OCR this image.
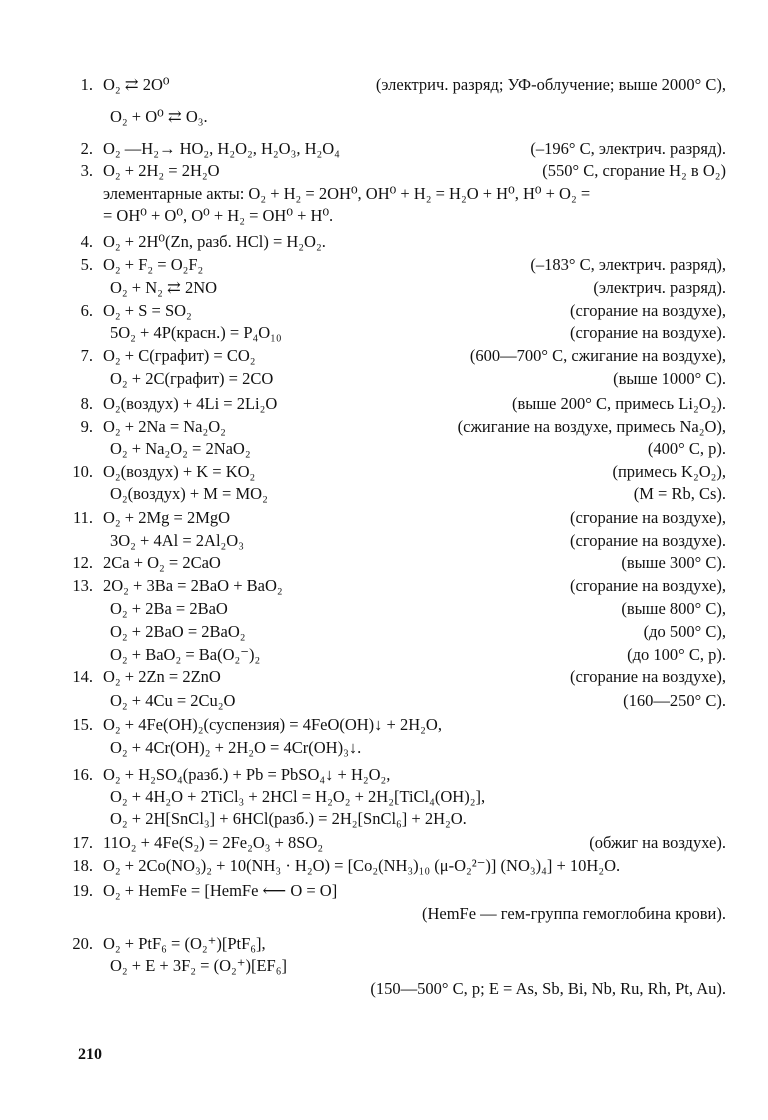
1. O₂ ⇄ 2O⁰	(электрич. разряд; УФ-облучение; выше 2000° С),
O₂ + O⁰ ⇄ O₃.
2. O₂ —H₂→ HO₂, H₂O₂, H₂O₃, H₂O₄	(–196° С, электрич. разряд).
3. O₂ + 2H₂ = 2H₂O	(550° С, сгорание H₂ в O₂)
элементарные акты: O₂ + H₂ = 2OH⁰, OH⁰ + H₂ = H₂O + H⁰, H⁰ + O₂ =
= OH⁰ + O⁰, O⁰ + H₂ = OH⁰ + H⁰.
4. O₂ + 2H⁰(Zn, разб. HCl) = H₂O₂.
5. O₂ + F₂ = O₂F₂	(–183° С, электрич. разряд),
O₂ + N₂ ⇄ 2NO	(электрич. разряд).
6. O₂ + S = SO₂	(сгорание на воздухе),
5O₂ + 4P(красн.) = P₄O₁₀	(сгорание на воздухе).
7. O₂ + C(графит) = CO₂	(600—700° С, сжигание на воздухе),
O₂ + 2C(графит) = 2CO	(выше 1000° С).
8. O₂(воздух) + 4Li = 2Li₂O	(выше 200° С, примесь Li₂O₂).
9. O₂ + 2Na = Na₂O₂	(сжигание на воздухе, примесь Na₂O),
O₂ + Na₂O₂ = 2NaO₂	(400° С, p).
10. O₂(воздух) + K = KO₂	(примесь K₂O₂),
O₂(воздух) + M = MO₂	(M = Rb, Cs).
11. O₂ + 2Mg = 2MgO	(сгорание на воздухе),
3O₂ + 4Al = 2Al₂O₃	(сгорание на воздухе).
12. 2Ca + O₂ = 2CaO	(выше 300° С).
13. 2O₂ + 3Ba = 2BaO + BaO₂	(сгорание на воздухе),
O₂ + 2Ba = 2BaO	(выше 800° С),
O₂ + 2BaO = 2BaO₂	(до 500° С),
O₂ + BaO₂ = Ba(O₂⁻)₂	(до 100° С, p).
14. O₂ + 2Zn = 2ZnO	(сгорание на воздухе),
O₂ + 4Cu = 2Cu₂O	(160—250° С).
15. O₂ + 4Fe(OH)₂(суспензия) = 4FeO(OH)↓ + 2H₂O,
O₂ + 4Cr(OH)₂ + 2H₂O = 4Cr(OH)₃↓.
16. O₂ + H₂SO₄(разб.) + Pb = PbSO₄↓ + H₂O₂,
O₂ + 4H₂O + 2TiCl₃ + 2HCl = H₂O₂ + 2H₂[TiCl₄(OH)₂],
O₂ + 2H[SnCl₃] + 6HCl(разб.) = 2H₂[SnCl₆] + 2H₂O.
17. 11O₂ + 4Fe(S₂) = 2Fe₂O₃ + 8SO₂	(обжиг на воздухе).
18. O₂ + 2Co(NO₃)₂ + 10(NH₃ · H₂O) = [Co₂(NH₃)₁₀ (μ-O₂²⁻)] (NO₃)₄] + 10H₂O.
19. O₂ + HemFe = [HemFe ⟵ O = O]
(HemFe — гем-группа гемоглобина крови).
20. O₂ + PtF₆ = (O₂⁺)[PtF₆],
O₂ + E + 3F₂ = (O₂⁺)[EF₆]
(150—500° С, p; E = As, Sb, Bi, Nb, Ru, Rh, Pt, Au).
210
